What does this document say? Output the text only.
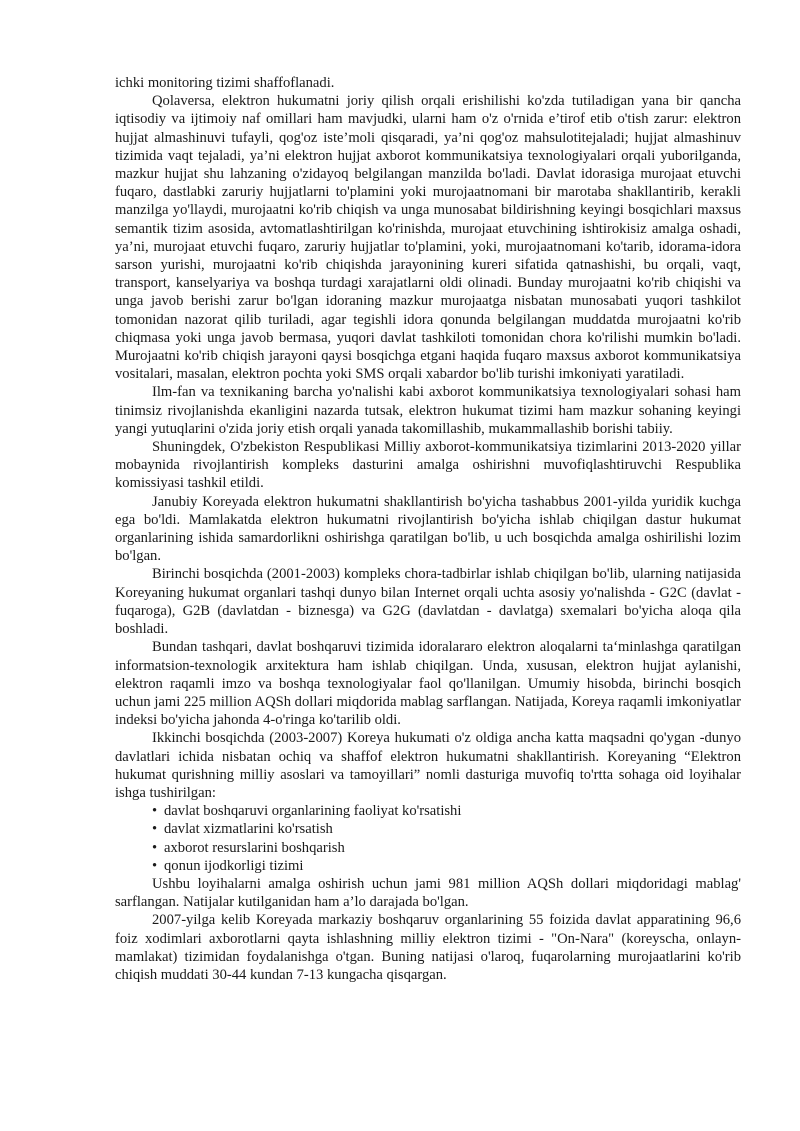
ichki monitoring tizimi shaffoflanadi.

Qolaversa, elektron hukumatni joriy qilish orqali erishilishi ko'zda tutiladigan yana bir qancha iqtisodiy va ijtimoiy naf omillari ham mavjudki, ularni ham o'z o'rnida e’tirof etib o'tish zarur: elektron hujjat almashinuvi tufayli, qog'oz iste’moli qisqaradi, ya’ni qog'oz mahsulotitejaladi; hujjat almashinuv tizimida vaqt tejaladi, ya’ni elektron hujjat axborot kommunikatsiya texnologiyalari orqali yuborilganda, mazkur hujjat shu lahzaning o'zidayoq belgilangan manzilda bo'ladi. Davlat idorasiga murojaat etuvchi fuqaro, dastlabki zaruriy hujjatlarni to'plamini yoki murojaatnomani bir marotaba shakllantirib, kerakli manzilga yo'llaydi, murojaatni ko'rib chiqish va unga munosabat bildirishning keyingi bosqichlari maxsus semantik tizim asosida, avtomatlashtirilgan ko'rinishda, murojaat etuvchining ishtirokisiz amalga oshadi, ya’ni, murojaat etuvchi fuqaro, zaruriy hujjatlar to'plamini, yoki, murojaatnomani ko'tarib, idorama-idora sarson yurishi, murojaatni ko'rib chiqishda jarayonining kureri sifatida qatnashishi, bu orqali, vaqt, transport, kanselyariya va boshqa turdagi xarajatlarni oldi olinadi. Bunday murojaatni ko'rib chiqishi va unga javob berishi zarur bo'lgan idoraning mazkur murojaatga nisbatan munosabati yuqori tashkilot tomonidan nazorat qilib turiladi, agar tegishli idora qonunda belgilangan muddatda murojaatni ko'rib chiqmasa yoki unga javob bermasa, yuqori davlat tashkiloti tomonidan chora ko'rilishi mumkin bo'ladi. Murojaatni ko'rib chiqish jarayoni qaysi bosqichga etgani haqida fuqaro maxsus axborot kommunikatsiya vositalari, masalan, elektron pochta yoki SMS orqali xabardor bo'lib turishi imkoniyati yaratiladi.

Ilm-fan va texnikaning barcha yo'nalishi kabi axborot kommunikatsiya texnologiyalari sohasi ham tinimsiz rivojlanishda ekanligini nazarda tutsak, elektron hukumat tizimi ham mazkur sohaning keyingi yangi yutuqlarini o'zida joriy etish orqali yanada takomillashib, mukammallashib borishi tabiiy.

Shuningdek, O'zbekiston Respublikasi Milliy axborot-kommunikatsiya tizimlarini 2013-2020 yillar mobaynida rivojlantirish kompleks dasturini amalga oshirishni muvofiqlashtiruvchi Respublika komissiyasi tashkil etildi.

Janubiy Koreyada elektron hukumatni shakllantirish bo'yicha tashabbus 2001-yilda yuridik kuchga ega bo'ldi. Mamlakatda elektron hukumatni rivojlantirish bo'yicha ishlab chiqilgan dastur hukumat organlarining ishida samardorlikni oshirishga qaratilgan bo'lib, u uch bosqichda amalga oshirilishi lozim bo'lgan.

Birinchi bosqichda (2001-2003) kompleks chora-tadbirlar ishlab chiqilgan bo'lib, ularning natijasida Koreyaning hukumat organlari tashqi dunyo bilan Internet orqali uchta asosiy yo'nalishda - G2C (davlat - fuqaroga), G2B (davlatdan - biznesga) va G2G (davlatdan - davlatga) sxemalari bo'yicha aloqa qila boshladi.

Bundan tashqari, davlat boshqaruvi tizimida idoralararo elektron aloqalarni taʻminlashga qaratilgan informatsion-texnologik arxitektura ham ishlab chiqilgan. Unda, xususan, elektron hujjat aylanishi, elektron raqamli imzo va boshqa texnologiyalar faol qo'llanilgan. Umumiy hisobda, birinchi bosqich uchun jami 225 million AQSh dollari miqdorida mablag sarflangan. Natijada, Koreya raqamli imkoniyatlar indeksi bo'yicha jahonda 4-o'ringa ko'tarilib oldi.

Ikkinchi bosqichda (2003-2007) Koreya hukumati o'z oldiga ancha katta maqsadni qo'ygan -dunyo davlatlari ichida nisbatan ochiq va shaffof elektron hukumatni shakllantirish. Koreyaning “Elektron hukumat qurishning milliy asoslari va tamoyillari” nomli dasturiga muvofiq to'rtta sohaga oid loyihalar ishga tushirilgan:

• davlat boshqaruvi organlarining faoliyat ko'rsatishi
• davlat xizmatlarini ko'rsatish
• axborot resurslarini boshqarish
• qonun ijodkorligi tizimi

Ushbu loyihalarni amalga oshirish uchun jami 981 million AQSh dollari miqdoridagi mablag' sarflangan. Natijalar kutilganidan ham a’lo darajada bo'lgan.

2007-yilga kelib Koreyada markaziy boshqaruv organlarining 55 foizida davlat apparatining 96,6 foiz xodimlari axborotlarni qayta ishlashning milliy elektron tizimi - "On-Nara" (koreyscha, onlayn-mamlakat) tizimidan foydalanishga o'tgan. Buning natijasi o'laroq, fuqarolarning murojaatlarini ko'rib chiqish muddati 30-44 kundan 7-13 kungacha qisqargan.
